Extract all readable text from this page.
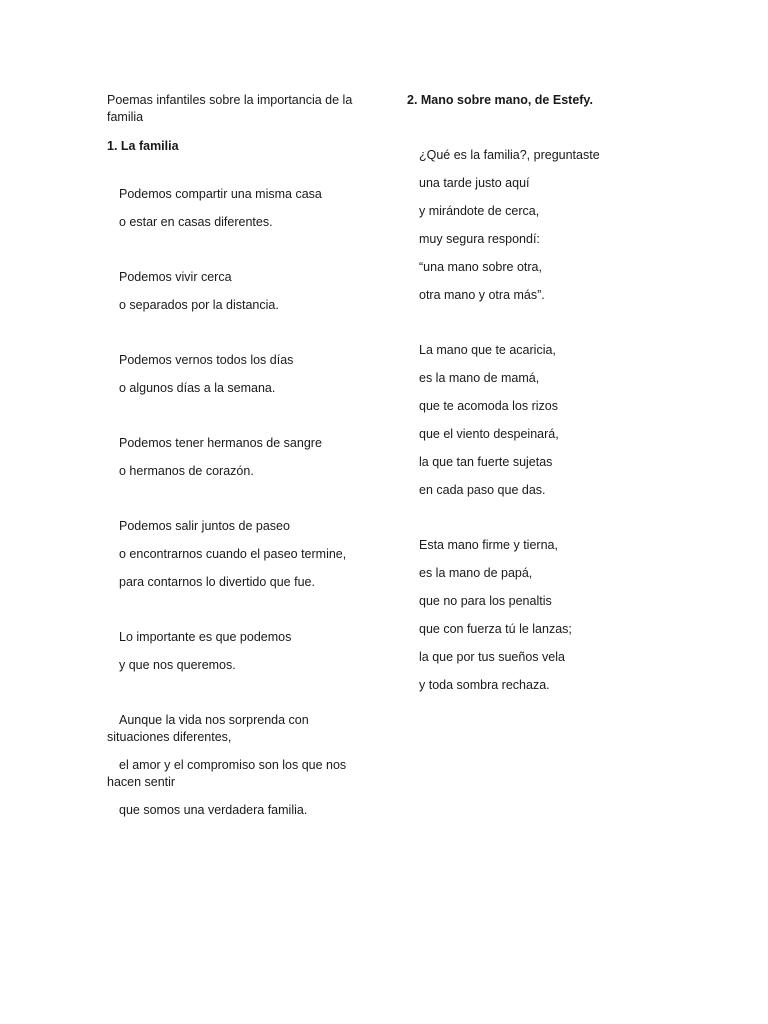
Poemas infantiles sobre la importancia de la familia

1. La familia

Podemos compartir una misma casa

o estar en casas diferentes.

Podemos vivir cerca

o separados por la distancia.

Podemos vernos todos los días

o algunos días a la semana.

Podemos tener hermanos de sangre

o hermanos de corazón.

Podemos salir juntos de paseo

o encontrarnos cuando el paseo termine,

para contarnos lo divertido que fue.

Lo importante es que podemos

y que nos queremos.

Aunque la vida nos sorprenda con situaciones diferentes,

el amor y el compromiso son los que nos hacen sentir

que somos una verdadera familia.

2. Mano sobre mano, de Estefy.

¿Qué es la familia?, preguntaste

una tarde justo aquí

y mirándote de cerca,

muy segura respondí:

“una mano sobre otra,

otra mano y otra más”.

La mano que te acaricia,

es la mano de mamá,

que te acomoda los rizos

que el viento despeinará,

la que tan fuerte sujetas

en cada paso que das.

Esta mano firme y tierna,

es la mano de papá,

que no para los penaltis

que con fuerza tú le lanzas;

la que por tus sueños vela

y toda sombra rechaza.
